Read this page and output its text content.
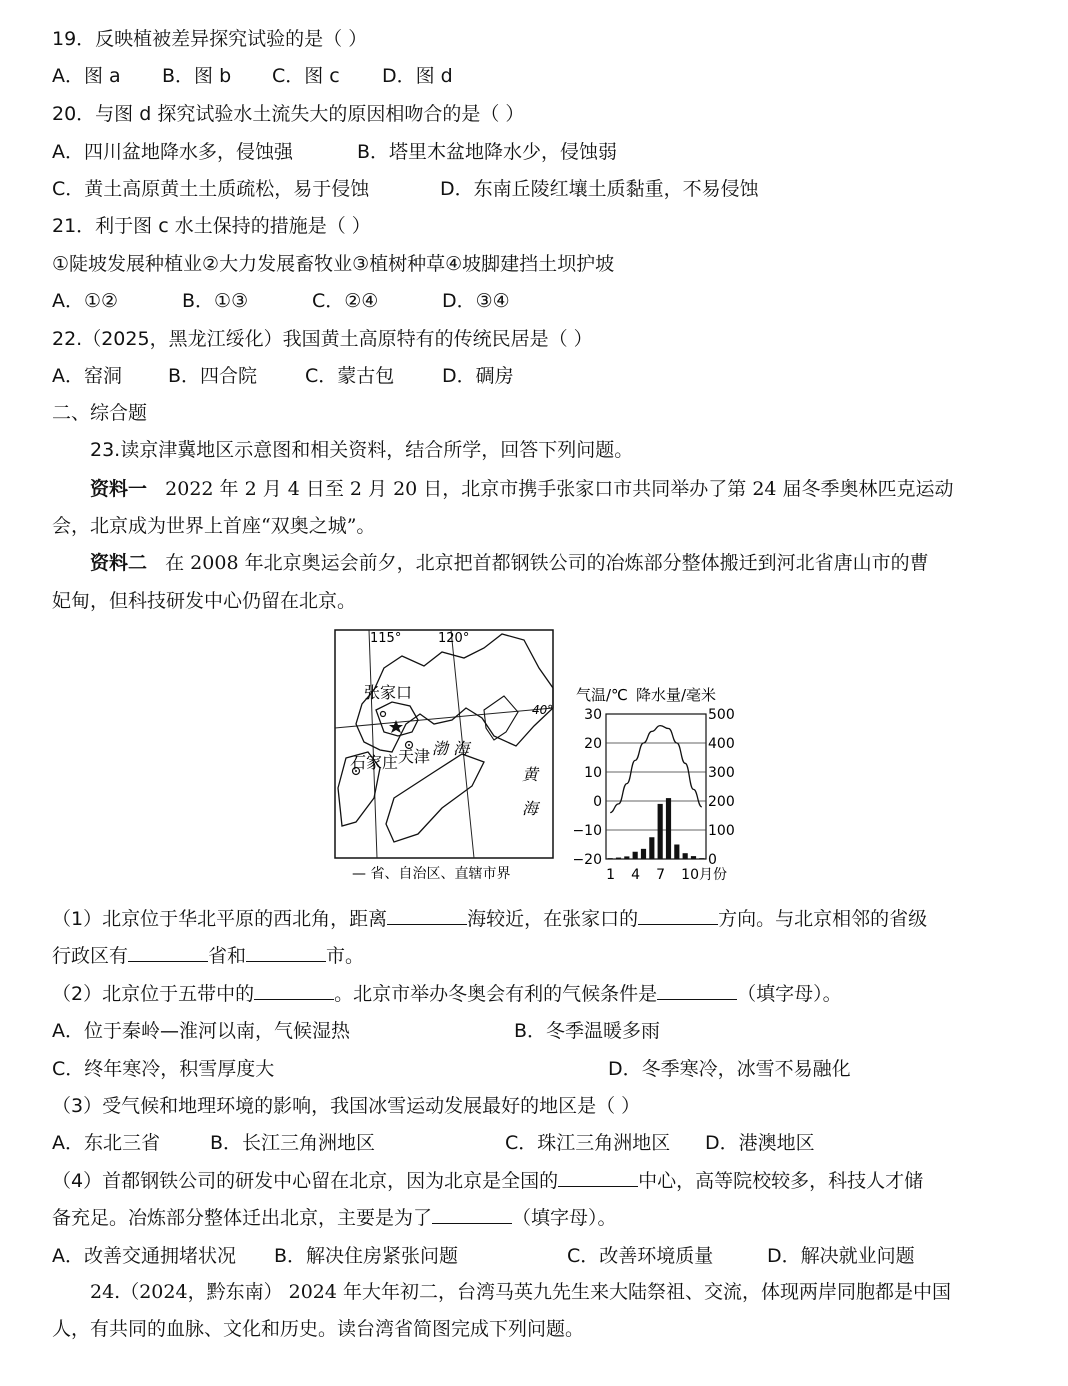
19．反映植被差异探究试验的是（ ）
A．图 a B．图 b C．图 c D．图 d
20．与图 d 探究试验水土流失大的原因相吻合的是（ ）
A．四川盆地降水多，侵蚀强	B．塔里木盆地降水少，侵蚀弱
C．黄土高原黄土土质疏松，易于侵蚀	D．东南丘陵红壤土质黏重，不易侵蚀
21．利于图 c 水土保持的措施是（ ）
①陡坡发展种植业②大力发展畜牧业③植树种草④坡脚建挡土坝护坡
A．①②	B．①③	C．②④	D．③④
22.（2025，黑龙江绥化）我国黄土高原特有的传统民居是（ ）
A．窑洞 B．四合院	C．蒙古包	D．碉房
二、综合题
23.读京津冀地区示意图和相关资料，结合所学，回答下列问题。
资料一 2022 年 2 月 4 日至 2 月 20 日，北京市携手张家口市共同举办了第 24 届冬季奥林匹克运动
会，北京成为世界上首座“双奥之城”。
资料二 在 2008 年北京奥运会前夕，北京把首都钢铁公司的冶炼部分整体搬迁到河北省唐山市的曹
妃甸，但科技研发中心仍留在北京。
115°	120°
40°
张家口
石家庄 天津 渤 海
黄
海
— 省、自治区、直辖市界
气温/℃ 降水量/毫米
30
20
10
0
−10
−20
500
400
300
200
100
0
1 4 7 10月份
（1）北京位于华北平原的西北角，距离	海较近，在张家口的	方向。与北京相邻的省级
行政区有	省和	市。
（2）北京位于五带中的	。北京市举办冬奥会有利的气候条件是	（填字母）。
A．位于秦岭—淮河以南，气候湿热	B．冬季温暖多雨
C．终年寒冷，积雪厚度大	D．冬季寒冷，冰雪不易融化
（3）受气候和地理环境的影响，我国冰雪运动发展最好的地区是（ ）
A．东北三省	B．长江三角洲地区	C．珠江三角洲地区 D．港澳地区
（4）首都钢铁公司的研发中心留在北京，因为北京是全国的	中心，高等院校较多，科技人才储
备充足。冶炼部分整体迁出北京，主要是为了	（填字母）。
A．改善交通拥堵状况 B．解决住房紧张问题	C．改善环境质量	D．解决就业问题
24.（2024，黔东南） 2024 年大年初二，台湾马英九先生来大陆祭祖、交流，体现两岸同胞都是中国
人，有共同的血脉、文化和历史。读台湾省简图完成下列问题。
